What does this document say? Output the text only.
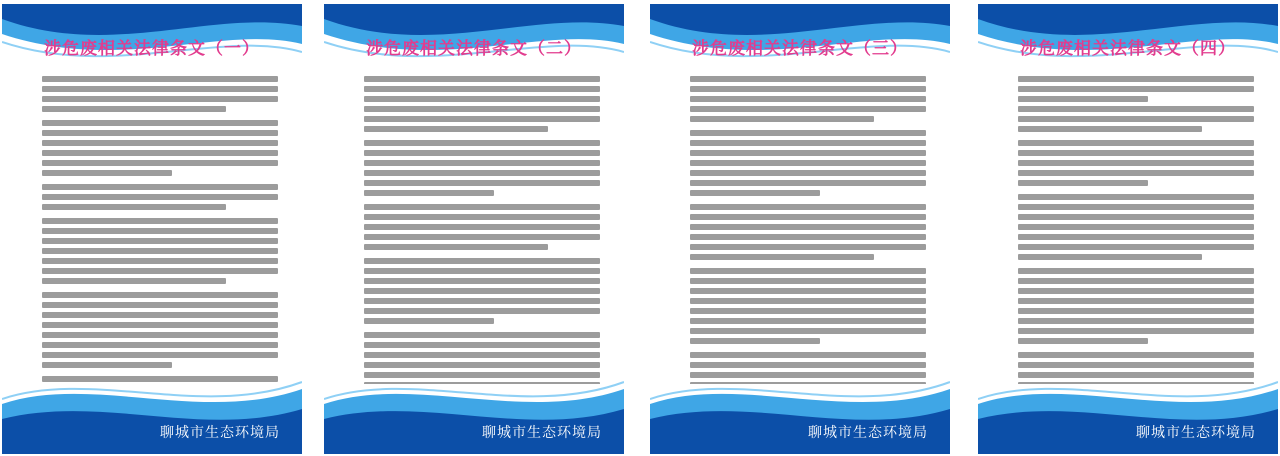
涉危废相关法律条文（一）
聊城市生态环境局
涉危废相关法律条文（二）
聊城市生态环境局
涉危废相关法律条文（三）
聊城市生态环境局
涉危废相关法律条文（四）
聊城市生态环境局
